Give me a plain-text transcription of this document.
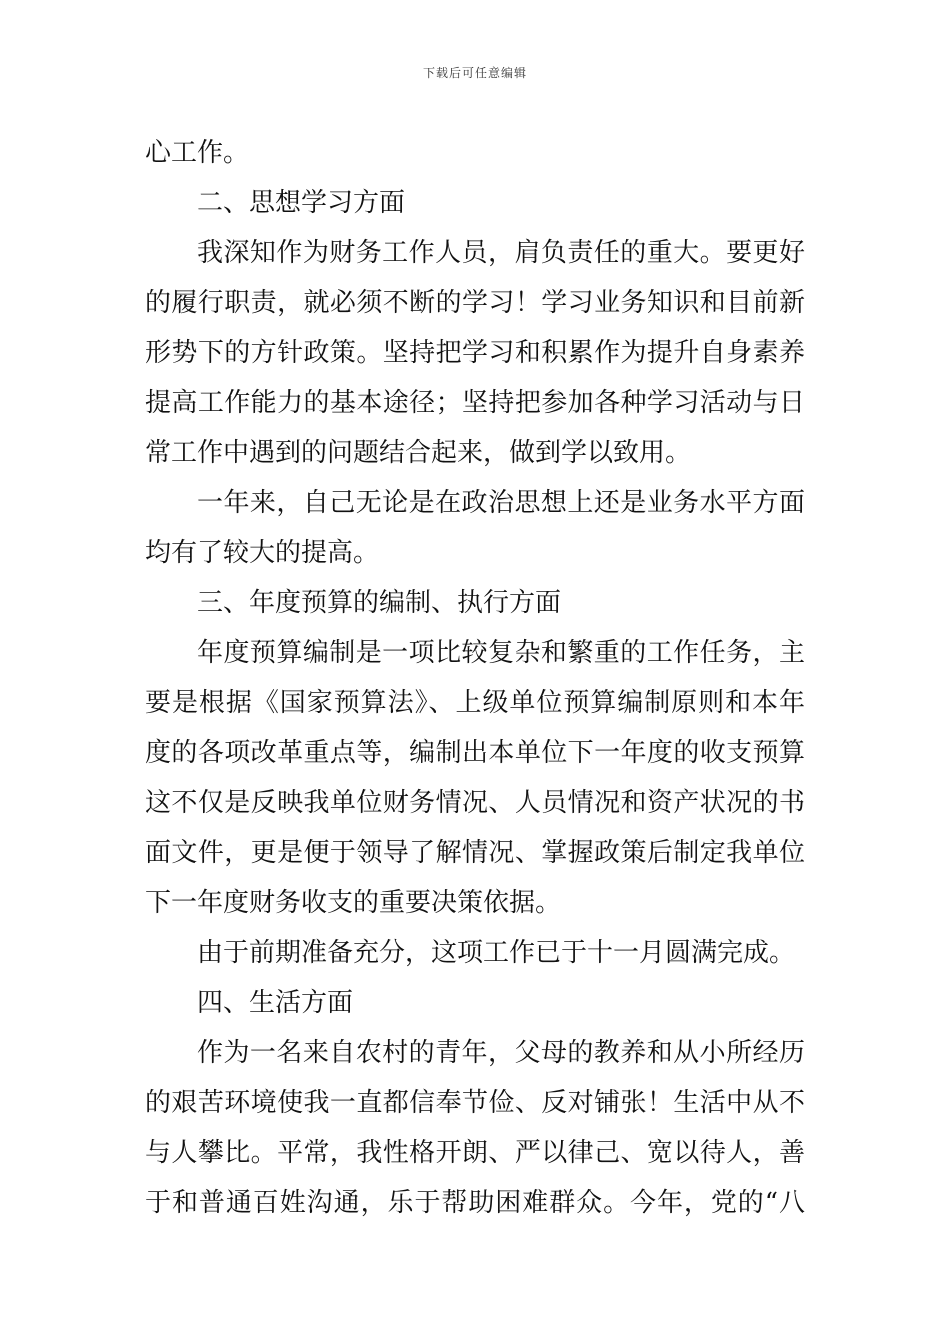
下载后可任意编辑
心工作。
二、思想学习方面
我深知作为财务工作人员，肩负责任的重大。要更好
的履行职责，就必须不断的学习！学习业务知识和目前新
形势下的方针政策。坚持把学习和积累作为提升自身素养
提高工作能力的基本途径；坚持把参加各种学习活动与日
常工作中遇到的问题结合起来，做到学以致用。
一年来，自己无论是在政治思想上还是业务水平方面
均有了较大的提高。
三、年度预算的编制、执行方面
年度预算编制是一项比较复杂和繁重的工作任务，主
要是根据《国家预算法》、上级单位预算编制原则和本年
度的各项改革重点等，编制出本单位下一年度的收支预算
这不仅是反映我单位财务情况、人员情况和资产状况的书
面文件，更是便于领导了解情况、掌握政策后制定我单位
下一年度财务收支的重要决策依据。
由于前期准备充分，这项工作已于十一月圆满完成。
四、生活方面
作为一名来自农村的青年，父母的教养和从小所经历
的艰苦环境使我一直都信奉节俭、反对铺张！生活中从不
与人攀比。平常，我性格开朗、严以律己、宽以待人，善
于和普通百姓沟通，乐于帮助困难群众。今年，党的“八
